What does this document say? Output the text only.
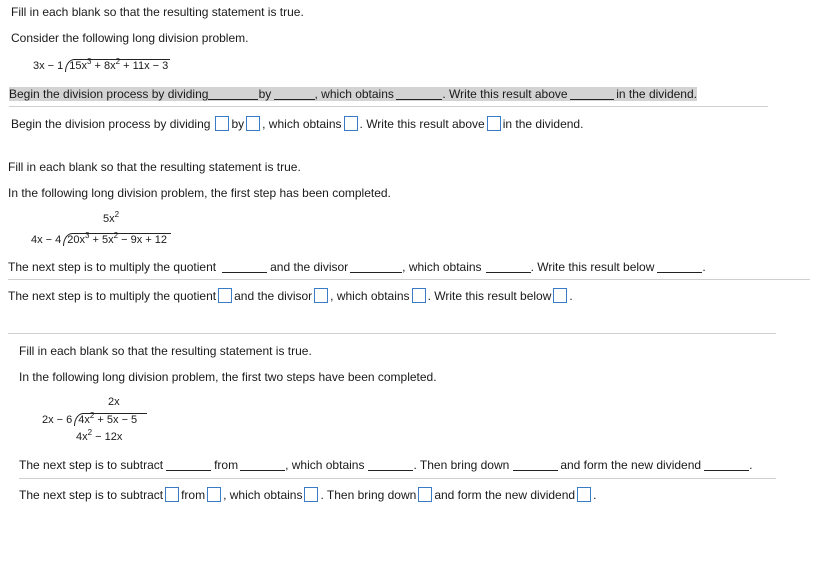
Fill in each blank so that the resulting statement is true.
Consider the following long division problem.
3x − 1 $15x^3 + 8x^2 + 11x - 3$
Begin the division process by dividing	by	, which obtains	. Write this result above	in the dividend.
Begin the division process by dividing by , which obtains . Write this result above in the dividend.
Fill in each blank so that the resulting statement is true.
In the following long division problem, the first step has been completed.
$5x^2$
4x − 4 $20x^3 + 5x^2 - 9x + 12$
The next step is to multiply the quotient	and the divisor	, which obtains	. Write this result below	.
The next step is to multiply the quotient and the divisor , which obtains . Write this result below .
Fill in each blank so that the resulting statement is true.
In the following long division problem, the first two steps have been completed.
2x
2x − 6 $4x^2 + 5x - 5$
$4x^2 - 12x$
The next step is to subtract	from	, which obtains	. Then bring down	and form the new dividend	.
The next step is to subtract from , which obtains . Then bring down and form the new dividend .
